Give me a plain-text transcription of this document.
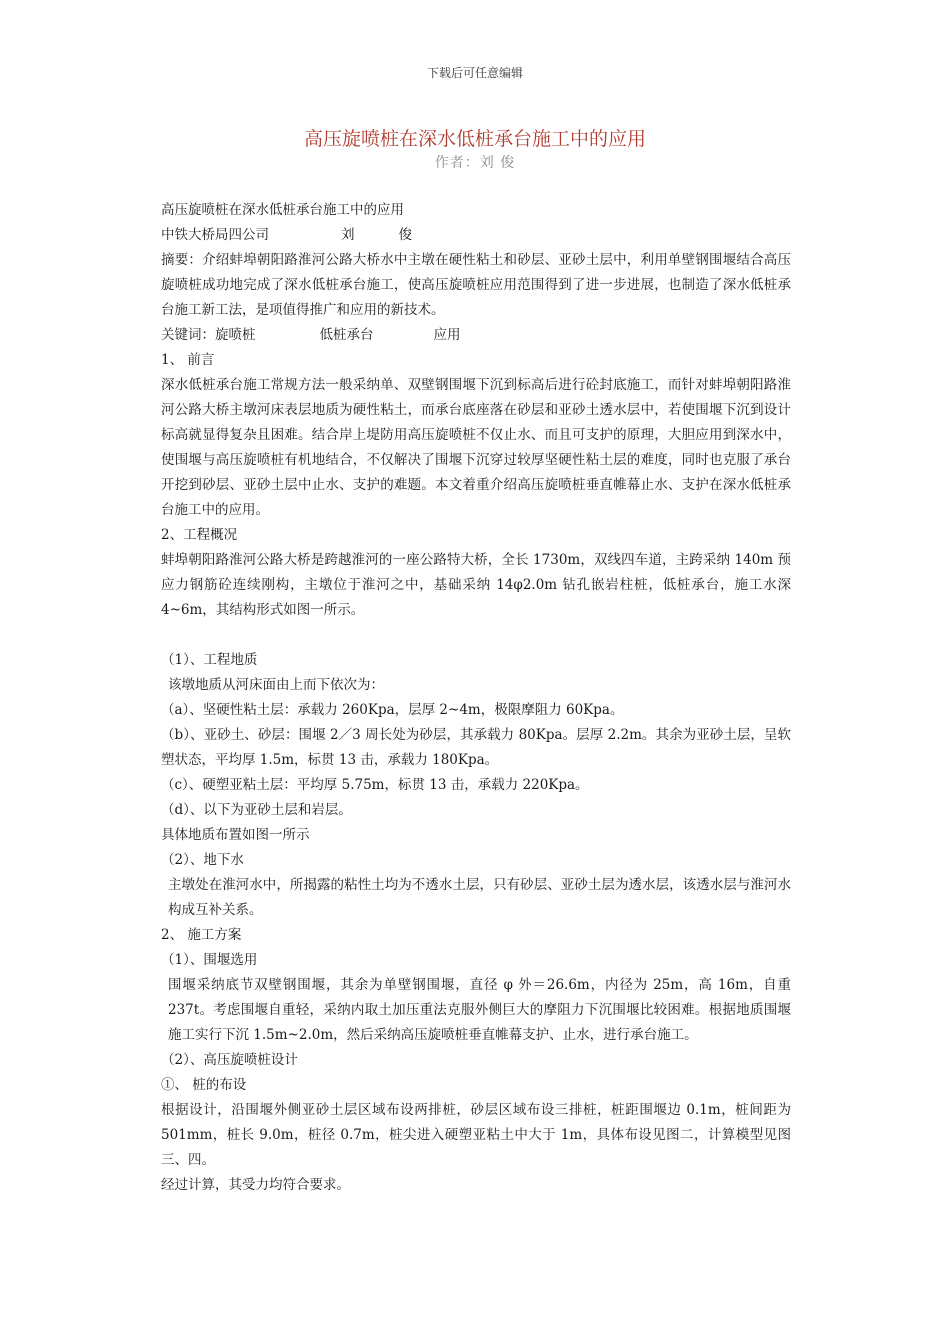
下载后可任意编辑
高压旋喷桩在深水低桩承台施工中的应用
作者：刘 俊

高压旋喷桩在深水低桩承台施工中的应用

中铁大桥局四公司	刘	俊

摘要：介绍蚌埠朝阳路淮河公路大桥水中主墩在硬性粘土和砂层、亚砂土层中，利用单壁钢围堰结合高压旋喷桩成功地完成了深水低桩承台施工，使高压旋喷桩应用范围得到了进一步进展，也制造了深水低桩承台施工新工法，是项值得推广和应用的新技术。

关键词：旋喷桩	低桩承台	应用

1、 前言

深水低桩承台施工常规方法一般采纳单、双壁钢围堰下沉到标高后进行砼封底施工，而针对蚌埠朝阳路淮河公路大桥主墩河床表层地质为硬性粘土，而承台底座落在砂层和亚砂土透水层中，若使围堰下沉到设计标高就显得复杂且困难。结合岸上堤防用高压旋喷桩不仅止水、而且可支护的原理，大胆应用到深水中，使围堰与高压旋喷桩有机地结合，不仅解决了围堰下沉穿过较厚坚硬性粘土层的难度，同时也克服了承台开挖到砂层、亚砂土层中止水、支护的难题。本文着重介绍高压旋喷桩垂直帷幕止水、支护在深水低桩承台施工中的应用。

2、工程概况

蚌埠朝阳路淮河公路大桥是跨越淮河的一座公路特大桥，全长 1730m，双线四车道，主跨采纳 140m 预应力钢筋砼连续刚构，主墩位于淮河之中，基础采纳 14φ2.0m 钻孔嵌岩柱桩，低桩承台，施工水深 4~6m，其结构形式如图一所示。

（1）、工程地质

该墩地质从河床面由上而下依次为：

（a）、坚硬性粘土层：承载力 260Kpa，层厚 2~4m，极限摩阻力 60Kpa。

（b）、亚砂土、砂层：围堰 2／3 周长处为砂层，其承载力 80Kpa。层厚 2.2m。其余为亚砂土层，呈软塑状态，平均厚 1.5m，标贯 13 击，承载力 180Kpa。

（c）、硬塑亚粘土层：平均厚 5.75m，标贯 13 击，承载力 220Kpa。

（d）、以下为亚砂土层和岩层。

具体地质布置如图一所示

（2）、地下水

主墩处在淮河水中，所揭露的粘性土均为不透水土层，只有砂层、亚砂土层为透水层，该透水层与淮河水构成互补关系。

2、 施工方案

（1）、围堰选用

围堰采纳底节双壁钢围堰，其余为单壁钢围堰，直径 φ 外＝26.6m，内径为 25m，高 16m，自重 237t。考虑围堰自重轻，采纳内取土加压重法克服外侧巨大的摩阻力下沉围堰比较困难。根据地质围堰施工实行下沉 1.5m~2.0m，然后采纳高压旋喷桩垂直帷幕支护、止水，进行承台施工。

（2）、高压旋喷桩设计

①、 桩的布设

根据设计，沿围堰外侧亚砂土层区域布设两排桩，砂层区域布设三排桩，桩距围堰边 0.1m，桩间距为 501mm，桩长 9.0m，桩径 0.7m，桩尖进入硬塑亚粘土中大于 1m，具体布设见图二，计算模型见图三、四。

经过计算，其受力均符合要求。
